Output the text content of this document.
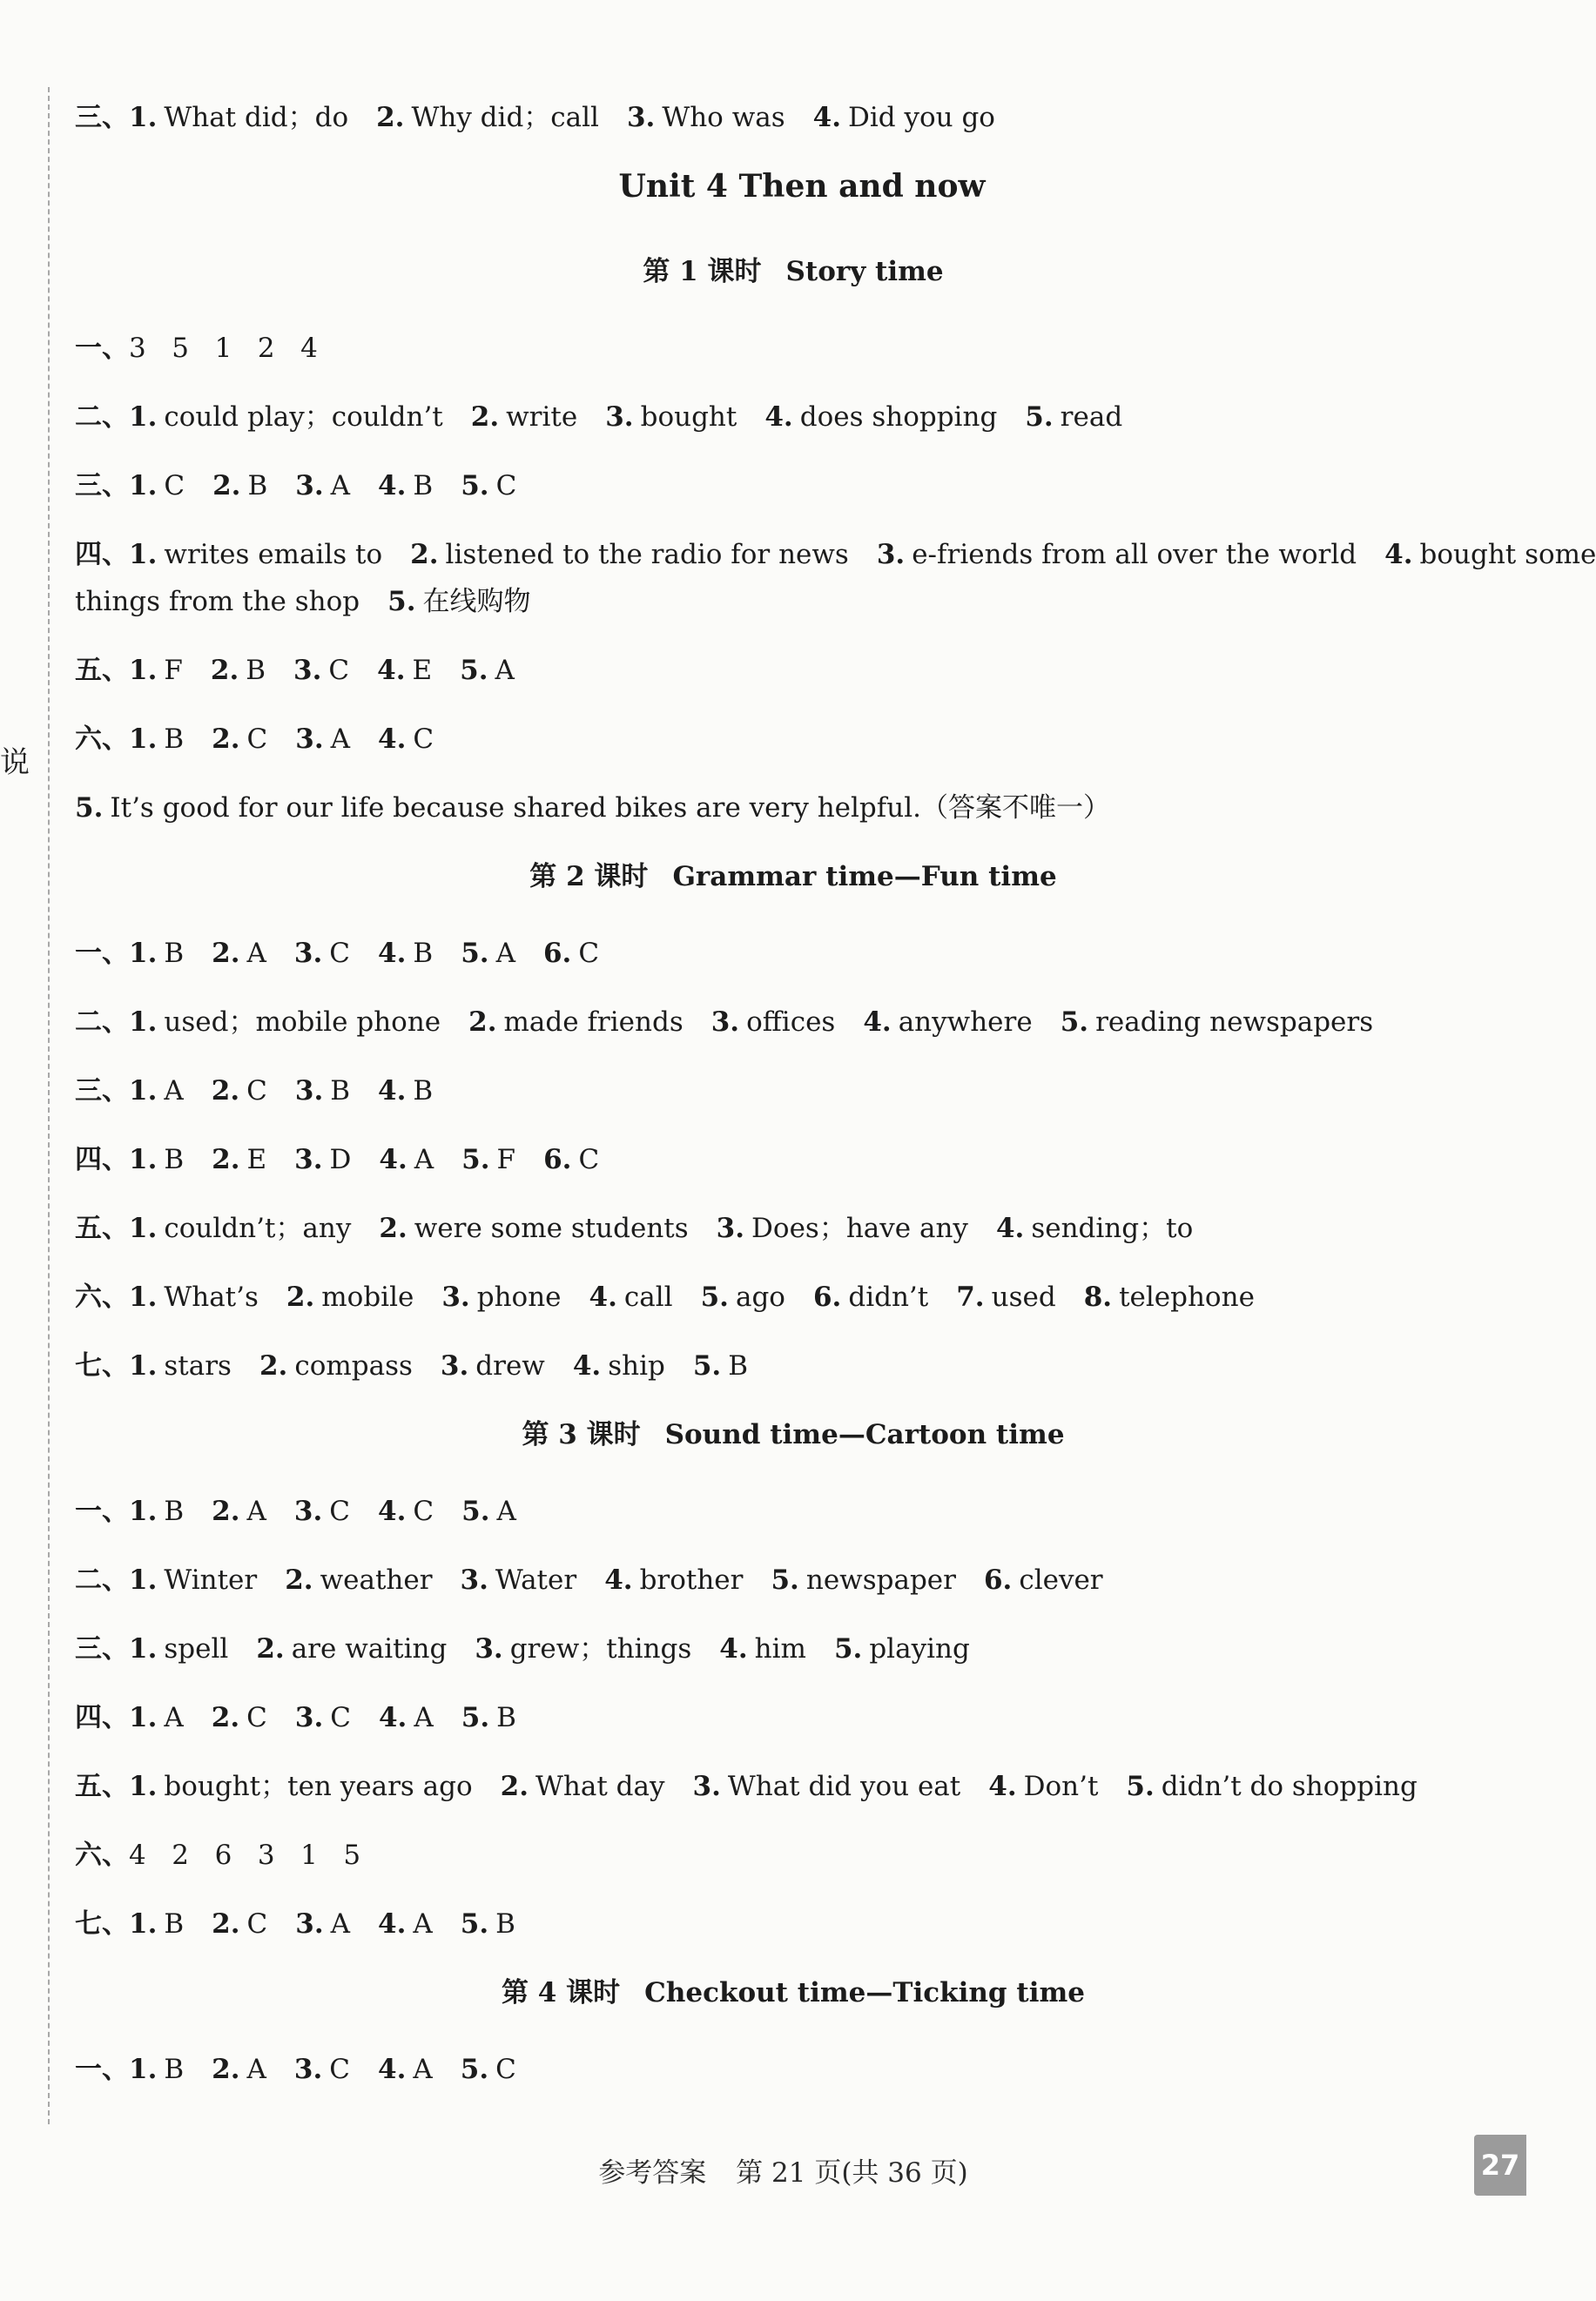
说
三、1. What did；do 2. Why did；call 3. Who was 4. Did you go
Unit 4 Then and now
第 1 课时 Story time
一、3   5   1   2   4
二、1. could play；couldn’t 2. write 3. bought 4. does shopping 5. read
三、1. C 2. B 3. A 4. B 5. C
四、1. writes emails to 2. listened to the radio for news 3. e-friends from all over the world 4. bought some
things from the shop 5. 在线购物
五、1. F 2. B 3. C 4. E 5. A
六、1. B 2. C 3. A 4. C
5. It’s good for our life because shared bikes are very helpful.（答案不唯一）
第 2 课时 Grammar time—Fun time
一、1. B 2. A 3. C 4. B 5. A 6. C
二、1. used；mobile phone 2. made friends 3. offices 4. anywhere 5. reading newspapers
三、1. A 2. C 3. B 4. B
四、1. B 2. E 3. D 4. A 5. F 6. C
五、1. couldn’t；any 2. were some students 3. Does；have any 4. sending；to
六、1. What’s 2. mobile 3. phone 4. call 5. ago 6. didn’t 7. used 8. telephone
七、1. stars 2. compass 3. drew 4. ship 5. B
第 3 课时 Sound time—Cartoon time
一、1. B 2. A 3. C 4. C 5. A
二、1. Winter 2. weather 3. Water 4. brother 5. newspaper 6. clever
三、1. spell 2. are waiting 3. grew；things 4. him 5. playing
四、1. A 2. C 3. C 4. A 5. B
五、1. bought；ten years ago 2. What day 3. What did you eat 4. Don’t 5. didn’t do shopping
六、4   2   6   3   1   5
七、1. B 2. C 3. A 4. A 5. B
第 4 课时 Checkout time—Ticking time
一、1. B 2. A 3. C 4. A 5. C
参考答案 第 21 页(共 36 页)	27
